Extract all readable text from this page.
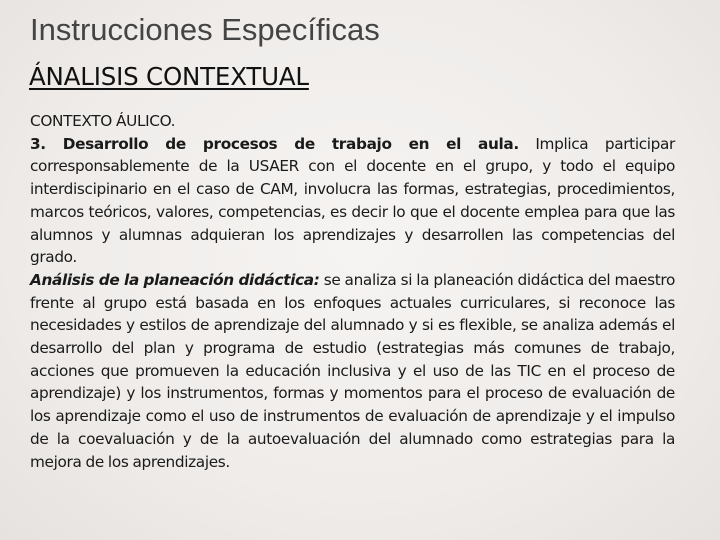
Instrucciones Específicas
ÁNALISIS CONTEXTUAL

CONTEXTO ÁULICO.

3. Desarrollo de procesos de trabajo en el aula. Implica participar corresponsablemente de la USAER con el docente en el grupo, y todo el equipo interdiscipinario en el caso de CAM, involucra las formas, estrategias, procedimientos, marcos teóricos, valores, competencias, es decir lo que el docente emplea para que las alumnos y alumnas adquieran los aprendizajes y desarrollen las competencias del grado.

Análisis de la planeación didáctica: se analiza si la planeación didáctica del maestro frente al grupo está basada en los enfoques actuales curriculares, si reconoce las necesidades y estilos de aprendizaje del alumnado y si es flexible, se analiza además el desarrollo del plan y programa de estudio (estrategias más comunes de trabajo, acciones que promueven la educación inclusiva y el uso de las TIC en el proceso de aprendizaje) y los instrumentos, formas y momentos para el proceso de evaluación de los aprendizaje como el uso de instrumentos de evaluación de aprendizaje y el impulso de la coevaluación y de la autoevaluación del alumnado como estrategias para la mejora de los aprendizajes.
